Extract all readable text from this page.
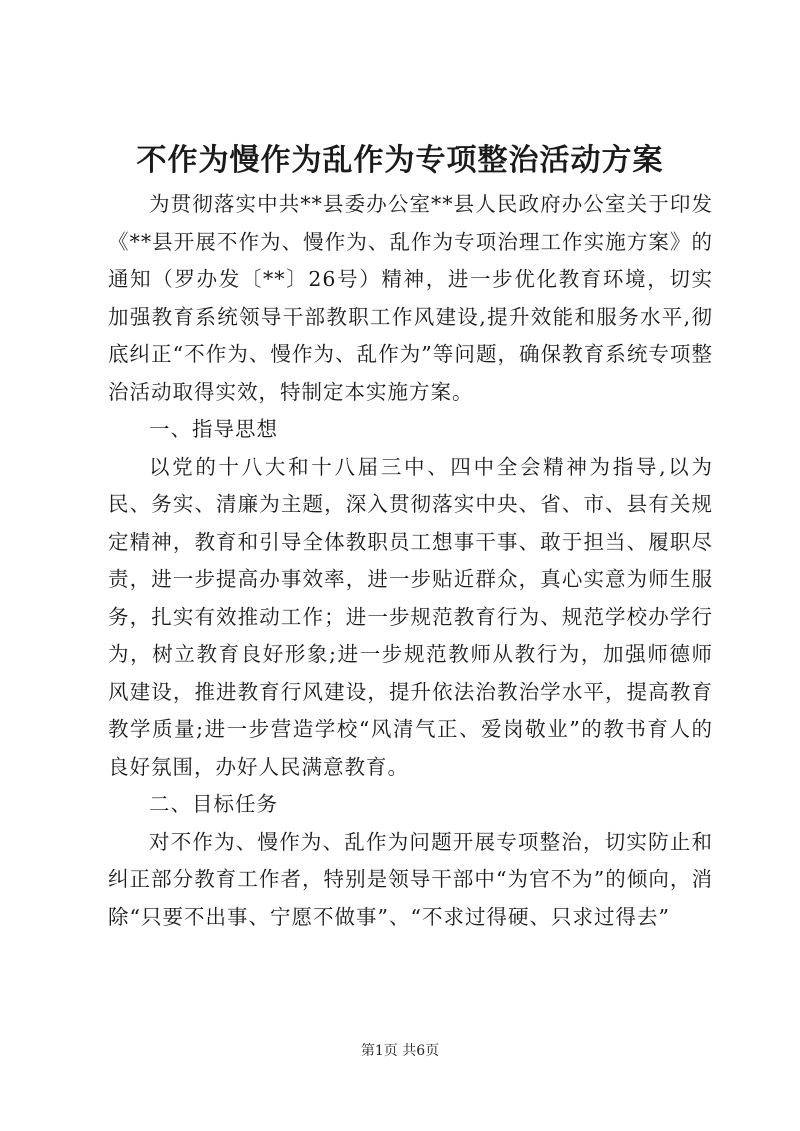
不作为慢作为乱作为专项整治活动方案

为贯彻落实中共**县委办公室**县人民政府办公室关于印发《**县开展不作为、慢作为、乱作为专项治理工作实施方案》的通知（罗办发〔**〕26号）精神，进一步优化教育环境，切实加强教育系统领导干部教职工作风建设,提升效能和服务水平,彻底纠正“不作为、慢作为、乱作为”等问题，确保教育系统专项整治活动取得实效，特制定本实施方案。

一、指导思想

以党的十八大和十八届三中、四中全会精神为指导,以为民、务实、清廉为主题，深入贯彻落实中央、省、市、县有关规定精神，教育和引导全体教职员工想事干事、敢于担当、履职尽责，进一步提高办事效率，进一步贴近群众，真心实意为师生服务，扎实有效推动工作；进一步规范教育行为、规范学校办学行为，树立教育良好形象;进一步规范教师从教行为，加强师德师风建设，推进教育行风建设，提升依法治教治学水平，提高教育教学质量;进一步营造学校“风清气正、爱岗敬业”的教书育人的良好氛围，办好人民满意教育。

二、目标任务

对不作为、慢作为、乱作为问题开展专项整治，切实防止和纠正部分教育工作者，特别是领导干部中“为官不为”的倾向，消除“只要不出事、宁愿不做事”、“不求过得硬、只求过得去”

第1页 共6页
